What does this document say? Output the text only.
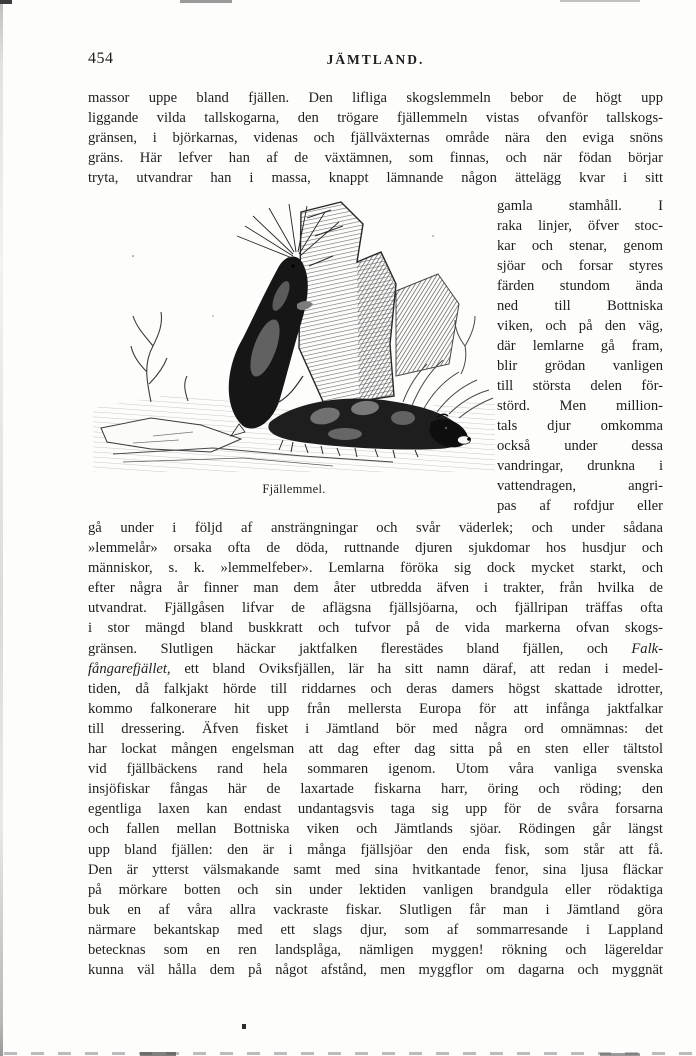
454	JÄMTLAND.
massor uppe bland fjällen. Den lifliga skogslemmeln bebor de högt upp
liggande vilda tallskogarna, den trögare fjällemmeln vistas ofvanför tallskogs-
gränsen, i björkarnas, videnas och fjällväxternas område nära den eviga snöns
gräns. Här lefver han af de växtämnen, som finnas, och när födan börjar
tryta, utvandrar han i massa, knappt lämnande någon ättelägg kvar i sitt
Fjällemmel.
gamla stamhåll. I
raka linjer, öfver stoc-
kar och stenar, genom
sjöar och forsar styres
färden stundom ända
ned till Bottniska
viken, och på den väg,
där lemlarne gå fram,
blir grödan vanligen
till största delen för-
störd. Men million-
tals djur omkomma
också under dessa
vandringar, drunkna i
vattendragen, angri-
pas af rofdjur eller
gå under i följd af ansträngningar och svår väderlek; och under sådana
»lemmelår» orsaka ofta de döda, ruttnande djuren sjukdomar hos husdjur och
människor, s. k. »lemmelfeber». Lemlarna föröka sig dock mycket starkt, och
efter några år finner man dem åter utbredda äfven i trakter, från hvilka de
utvandrat. Fjällgåsen lifvar de aflägsna fjällsjöarna, och fjällripan träffas ofta
i stor mängd bland buskkratt och tufvor på de vida markerna ofvan skogs-
gränsen. Slutligen häckar jaktfalken flerestädes bland fjällen, och Falk-
fångarefjället, ett bland Oviksfjällen, lär ha sitt namn däraf, att redan i medel-
tiden, då falkjakt hörde till riddarnes och deras damers högst skattade idrotter,
kommo falkonerare hit upp från mellersta Europa för att infånga jaktfalkar
till dressering. Äfven fisket i Jämtland bör med några ord omnämnas: det
har lockat mången engelsman att dag efter dag sitta på en sten eller tältstol
vid fjällbäckens rand hela sommaren igenom. Utom våra vanliga svenska
insjöfiskar fångas här de laxartade fiskarna harr, öring och röding; den
egentliga laxen kan endast undantagsvis taga sig upp för de svåra forsarna
och fallen mellan Bottniska viken och Jämtlands sjöar. Rödingen går längst
upp bland fjällen: den är i många fjällsjöar den enda fisk, som står att få.
Den är ytterst välsmakande samt med sina hvitkantade fenor, sina ljusa fläckar
på mörkare botten och sin under lektiden vanligen brandgula eller rödaktiga
buk en af våra allra vackraste fiskar. Slutligen får man i Jämtland göra
närmare bekantskap med ett slags djur, som af sommarresande i Lappland
betecknas som en ren landsplåga, nämligen myggen! rökning och lägereldar
kunna väl hålla dem på något afstånd, men myggflor om dagarna och myggnät
